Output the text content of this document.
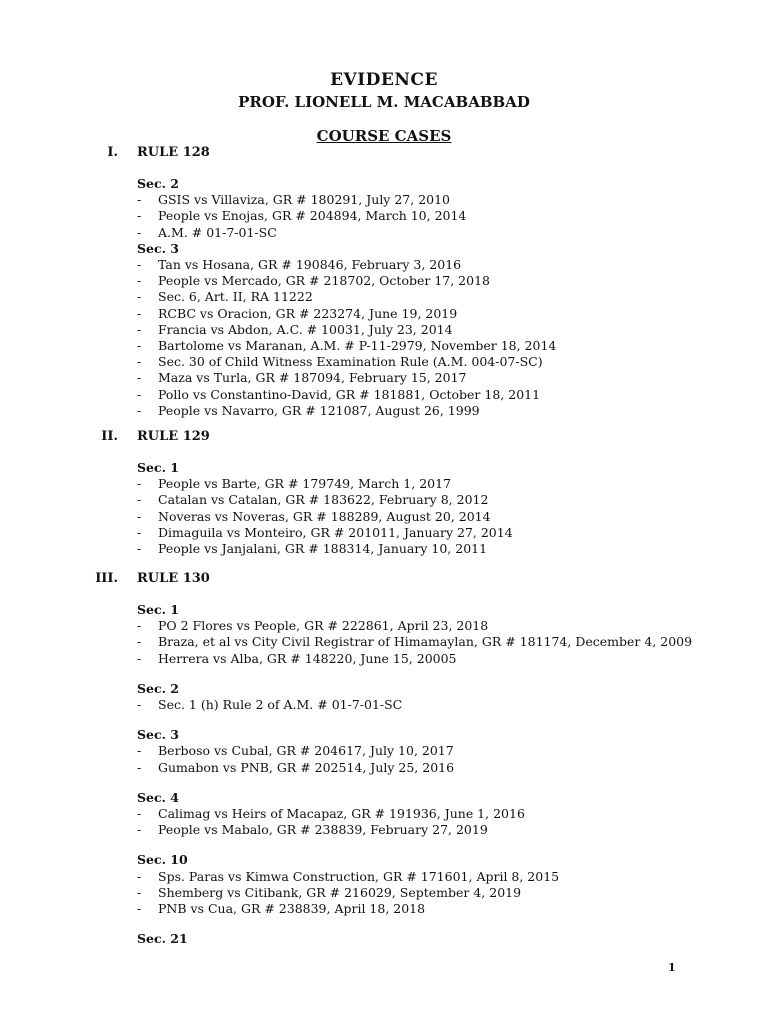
EVIDENCE
PROF. LIONELL M. MACABABBAD
COURSE CASES
I. RULE 128
Sec. 2
- GSIS vs Villaviza, GR # 180291, July 27, 2010
- People vs Enojas, GR # 204894, March 10, 2014
- A.M. # 01-7-01-SC
Sec. 3
- Tan vs Hosana, GR # 190846, February 3, 2016
- People vs Mercado, GR # 218702, October 17, 2018
- Sec. 6, Art. II, RA 11222
- RCBC vs Oracion, GR # 223274, June 19, 2019
- Francia vs Abdon, A.C. # 10031, July 23, 2014
- Bartolome vs Maranan, A.M. # P-11-2979, November 18, 2014
- Sec. 30 of Child Witness Examination Rule (A.M. 004-07-SC)
- Maza vs Turla, GR # 187094, February 15, 2017
- Pollo vs Constantino-David, GR # 181881, October 18, 2011
- People vs Navarro, GR # 121087, August 26, 1999
II. RULE 129
Sec. 1
- People vs Barte, GR # 179749, March 1, 2017
- Catalan vs Catalan, GR # 183622, February 8, 2012
- Noveras vs Noveras, GR # 188289, August 20, 2014
- Dimaguila vs Monteiro, GR # 201011, January 27, 2014
- People vs Janjalani, GR # 188314, January 10, 2011
III. RULE 130
Sec. 1
- PO 2 Flores vs People, GR # 222861, April 23, 2018
- Braza, et al vs City Civil Registrar of Himamaylan, GR # 181174, December 4, 2009
- Herrera vs Alba, GR # 148220, June 15, 20005
Sec. 2
- Sec. 1 (h) Rule 2 of A.M. # 01-7-01-SC
Sec. 3
- Berboso vs Cubal, GR # 204617, July 10, 2017
- Gumabon vs PNB, GR # 202514, July 25, 2016
Sec. 4
- Calimag vs Heirs of Macapaz, GR # 191936, June 1, 2016
- People vs Mabalo, GR # 238839, February 27, 2019
Sec. 10
- Sps. Paras vs Kimwa Construction, GR # 171601, April 8, 2015
- Shemberg vs Citibank, GR # 216029, September 4, 2019
- PNB vs Cua, GR # 238839, April 18, 2018
Sec. 21
1
